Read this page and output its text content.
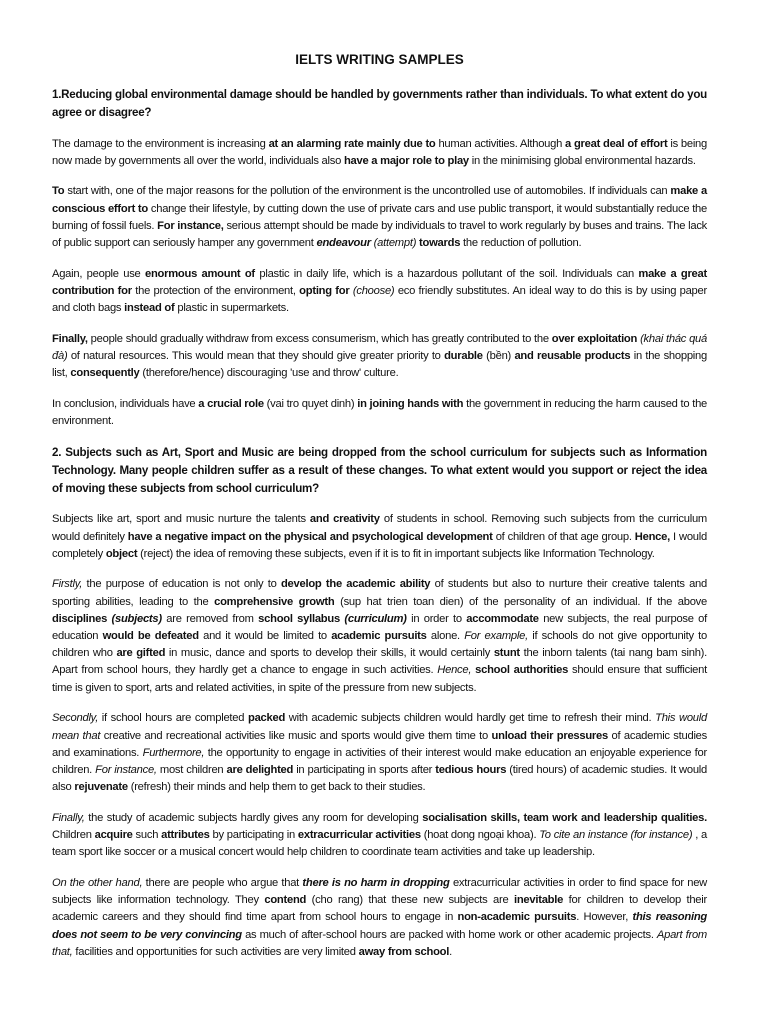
IELTS WRITING SAMPLES

1.Reducing global environmental damage should be handled by governments rather than individuals. To what extent do you agree or disagree?

The damage to the environment is increasing at an alarming rate mainly due to human activities. Although a great deal of effort is being now made by governments all over the world, individuals also have a major role to play in the minimising global environmental hazards.

To start with, one of the major reasons for the pollution of the environment is the uncontrolled use of automobiles. If individuals can make a conscious effort to change their lifestyle, by cutting down the use of private cars and use public transport, it would substantially reduce the burning of fossil fuels. For instance, serious attempt should be made by individuals to travel to work regularly by buses and trains. The lack of public support can seriously hamper any government endeavour (attempt) towards the reduction of pollution.

Again, people use enormous amount of plastic in daily life, which is a hazardous pollutant of the soil. Individuals can make a great contribution for the protection of the environment, opting for (choose) eco friendly substitutes. An ideal way to do this is by using paper and cloth bags instead of plastic in supermarkets.

Finally, people should gradually withdraw from excess consumerism, which has greatly contributed to the over exploitation (khai thác quá đà) of natural resources. This would mean that they should give greater priority to durable (bền) and reusable products in the shopping list, consequently (therefore/hence) discouraging 'use and throw' culture.

In conclusion, individuals have a crucial role (vai tro quyet dinh) in joining hands with the government in reducing the harm caused to the environment.

2. Subjects such as Art, Sport and Music are being dropped from the school curriculum for subjects such as Information Technology. Many people children suffer as a result of these changes. To what extent would you support or reject the idea of moving these subjects from school curriculum?

Subjects like art, sport and music nurture the talents and creativity of students in school. Removing such subjects from the curriculum would definitely have a negative impact on the physical and psychological development of children of that age group. Hence, I would completely object (reject) the idea of removing these subjects, even if it is to fit in important subjects like Information Technology.

Firstly, the purpose of education is not only to develop the academic ability of students but also to nurture their creative talents and sporting abilities, leading to the comprehensive growth (sup hat trien toan dien) of the personality of an individual. If the above disciplines (subjects) are removed from school syllabus (curriculum) in order to accommodate new subjects, the real purpose of education would be defeated and it would be limited to academic pursuits alone. For example, if schools do not give opportunity to children who are gifted in music, dance and sports to develop their skills, it would certainly stunt the inborn talents (tai nang bam sinh). Apart from school hours, they hardly get a chance to engage in such activities. Hence, school authorities should ensure that sufficient time is given to sport, arts and related activities, in spite of the pressure from new subjects.

Secondly, if school hours are completed packed with academic subjects children would hardly get time to refresh their mind. This would mean that creative and recreational activities like music and sports would give them time to unload their pressures of academic studies and examinations. Furthermore, the opportunity to engage in activities of their interest would make education an enjoyable experience for children. For instance, most children are delighted in participating in sports after tedious hours (tired hours) of academic studies. It would also rejuvenate (refresh) their minds and help them to get back to their studies.

Finally, the study of academic subjects hardly gives any room for developing socialisation skills, team work and leadership qualities. Children acquire such attributes by participating in extracurricular activities (hoat dong ngoại khoa). To cite an instance (for instance) , a team sport like soccer or a musical concert would help children to coordinate team activities and take up leadership.

On the other hand, there are people who argue that there is no harm in dropping extracurricular activities in order to find space for new subjects like information technology. They contend (cho rang) that these new subjects are inevitable for children to develop their academic careers and they should find time apart from school hours to engage in non-academic pursuits. However, this reasoning does not seem to be very convincing as much of after-school hours are packed with home work or other academic projects. Apart from that, facilities and opportunities for such activities are very limited away from school.
